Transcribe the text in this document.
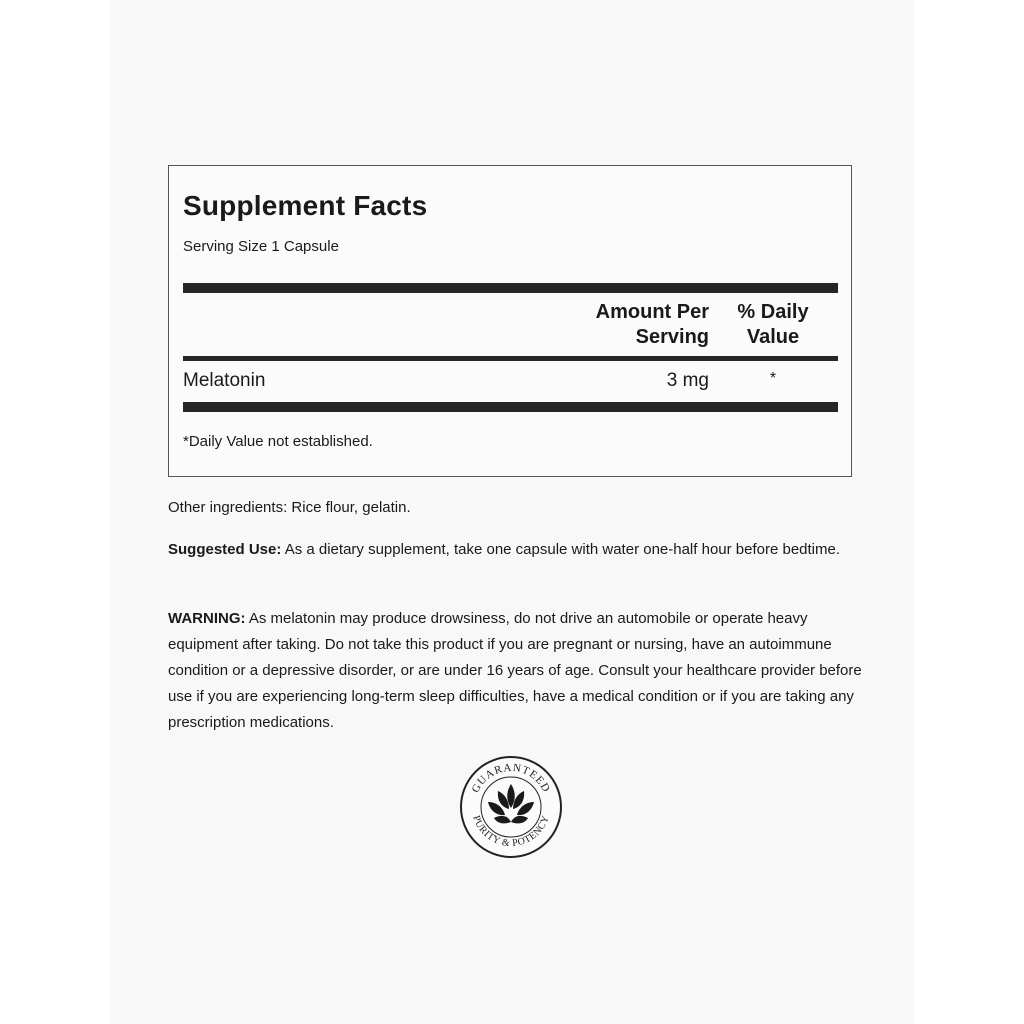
Supplement Facts
Serving Size 1 Capsule
Amount Per
Serving
% Daily
Value
Melatonin	3 mg	*
*Daily Value not established.

Other ingredients: Rice flour, gelatin.

Suggested Use: As a dietary supplement, take one capsule with water one-half hour before bedtime.

WARNING: As melatonin may produce drowsiness, do not drive an automobile or operate heavy equipment after taking. Do not take this product if you are pregnant or nursing, have an autoimmune condition or a depressive disorder, or are under 16 years of age. Consult your healthcare provider before use if you are experiencing long-term sleep difficulties, have a medical condition or if you are taking any prescription medications.

GUARANTEED
PURITY & POTENCY
